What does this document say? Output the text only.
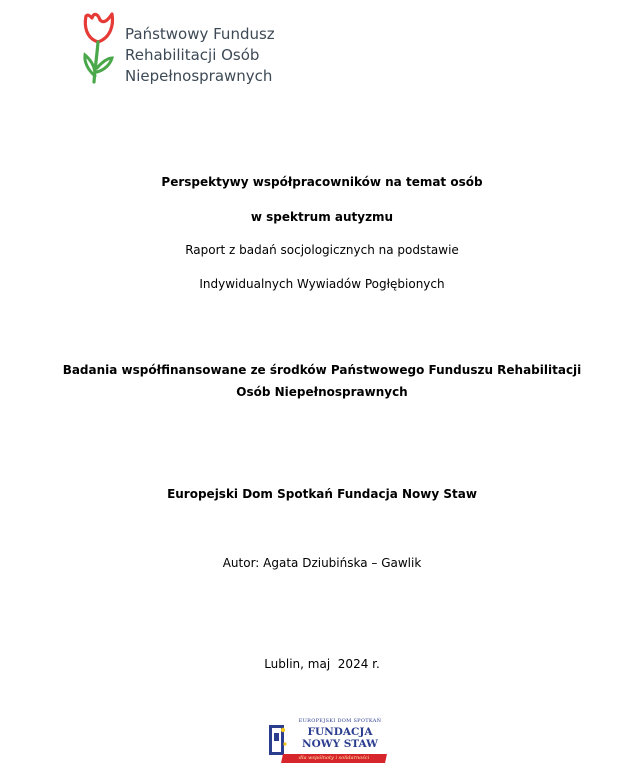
Państwowy Fundusz
Rehabilitacji Osób
Niepełnosprawnych
Perspektywy współpracowników na temat osób
w spektrum autyzmu
Raport z badań socjologicznych na podstawie
Indywidualnych Wywiadów Pogłębionych
Badania współfinansowane ze środków Państwowego Funduszu Rehabilitacji
Osób Niepełnosprawnych
Europejski Dom Spotkań Fundacja Nowy Staw
Autor: Agata Dziubińska – Gawlik
Lublin, maj  2024 r.
EUROPEJSKI DOM SPOTKAŃ
FUNDACJA
NOWY STAW
dla wspólnoty i solidarności
